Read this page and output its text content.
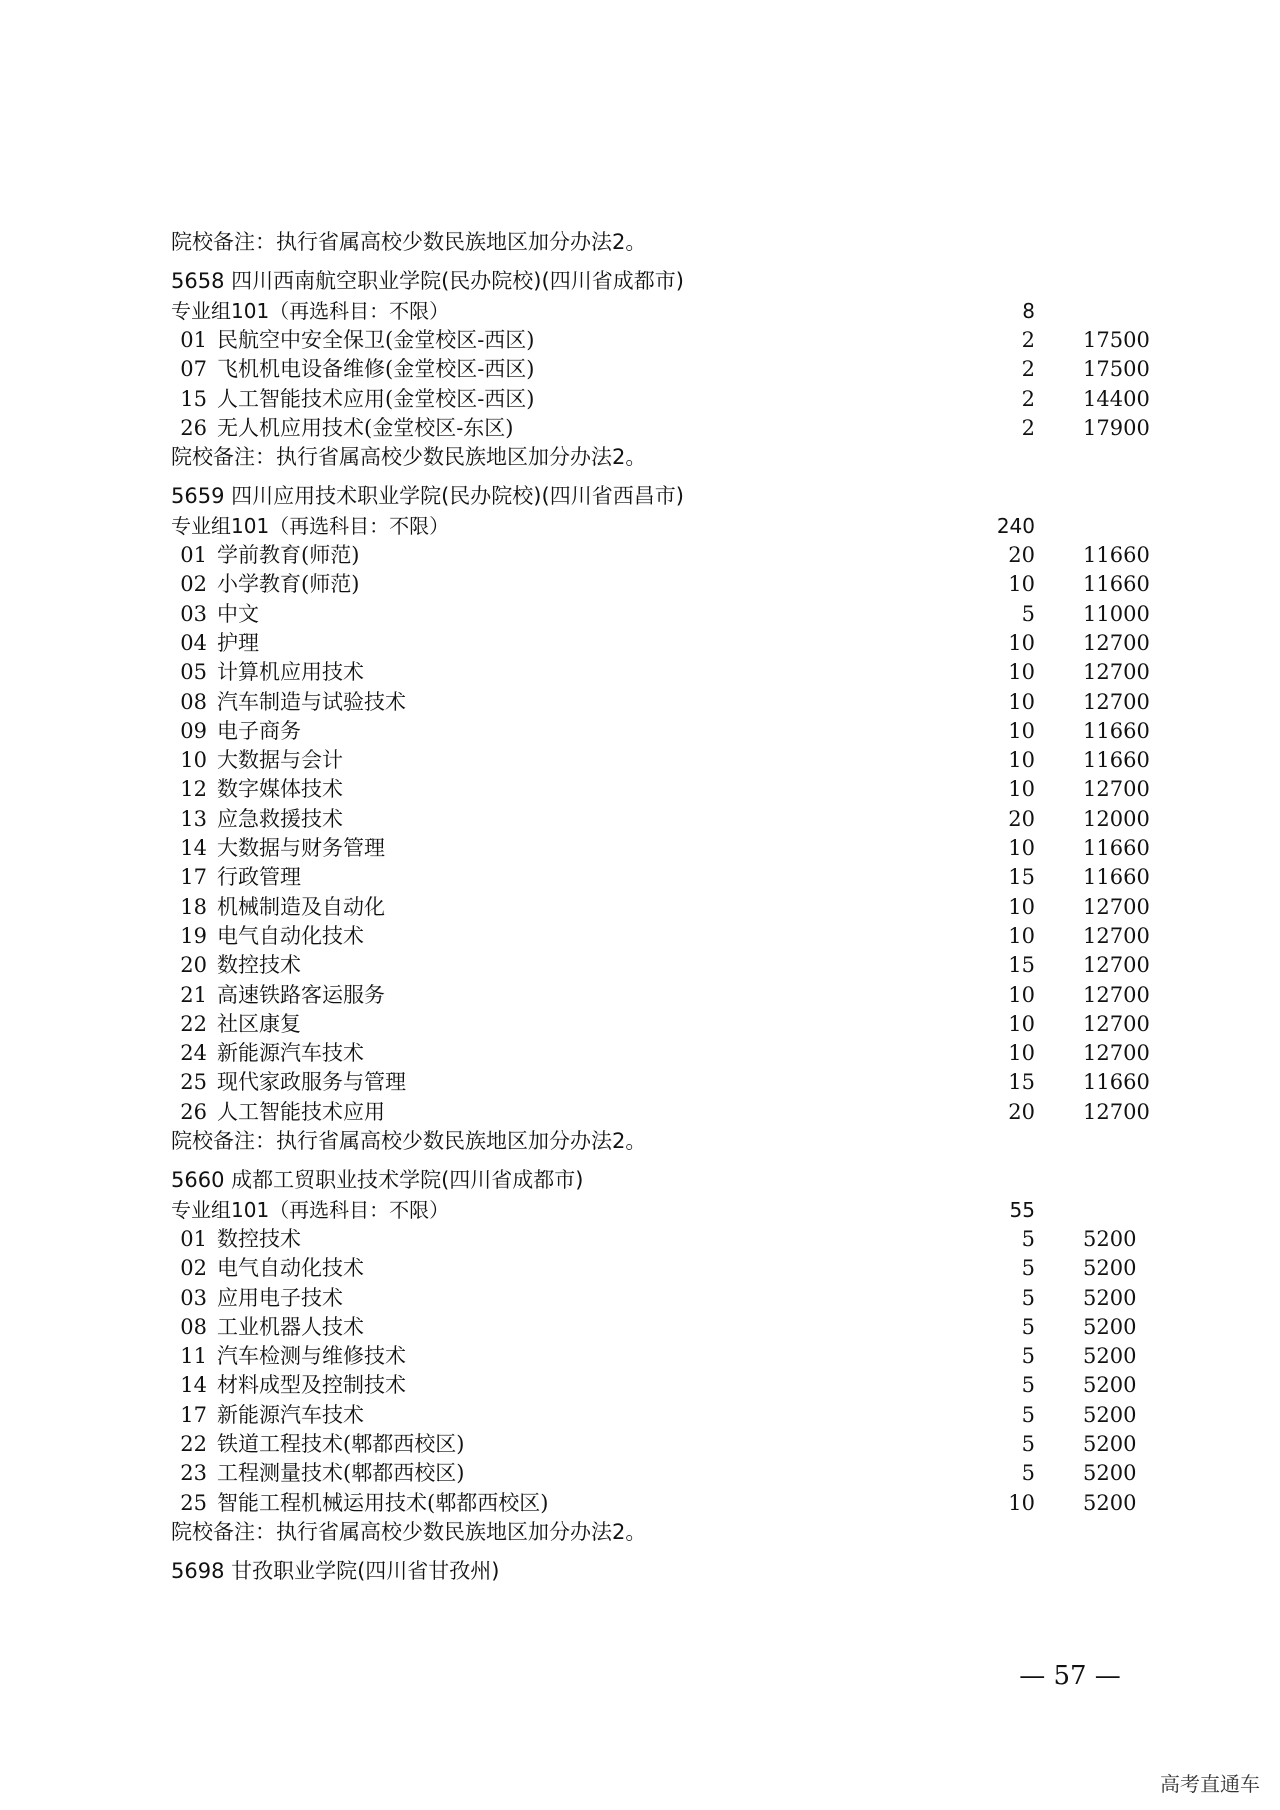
院校备注：执行省属高校少数民族地区加分办法2。
5658 四川西南航空职业学院(民办院校)(四川省成都市)
专业组101（再选科目：不限）	8
01 民航空中安全保卫(金堂校区-西区)	2 17500
07 飞机机电设备维修(金堂校区-西区)	2 17500
15 人工智能技术应用(金堂校区-西区)	2 14400
26 无人机应用技术(金堂校区-东区)	2 17900
院校备注：执行省属高校少数民族地区加分办法2。
5659 四川应用技术职业学院(民办院校)(四川省西昌市)
专业组101（再选科目：不限）	240
01 学前教育(师范)	20 11660
02 小学教育(师范)	10 11660
03 中文	5 11000
04 护理	10 12700
05 计算机应用技术	10 12700
08 汽车制造与试验技术	10 12700
09 电子商务	10 11660
10 大数据与会计	10 11660
12 数字媒体技术	10 12700
13 应急救援技术	20 12000
14 大数据与财务管理	10 11660
17 行政管理	15 11660
18 机械制造及自动化	10 12700
19 电气自动化技术	10 12700
20 数控技术	15 12700
21 高速铁路客运服务	10 12700
22 社区康复	10 12700
24 新能源汽车技术	10 12700
25 现代家政服务与管理	15 11660
26 人工智能技术应用	20 12700
院校备注：执行省属高校少数民族地区加分办法2。
5660 成都工贸职业技术学院(四川省成都市)
专业组101（再选科目：不限）	55
01 数控技术	5 5200
02 电气自动化技术	5 5200
03 应用电子技术	5 5200
08 工业机器人技术	5 5200
11 汽车检测与维修技术	5 5200
14 材料成型及控制技术	5 5200
17 新能源汽车技术	5 5200
22 铁道工程技术(郫都西校区)	5 5200
23 工程测量技术(郫都西校区)	5 5200
25 智能工程机械运用技术(郫都西校区)	10 5200
院校备注：执行省属高校少数民族地区加分办法2。
5698 甘孜职业学院(四川省甘孜州)
— 57 —
高考直通车
